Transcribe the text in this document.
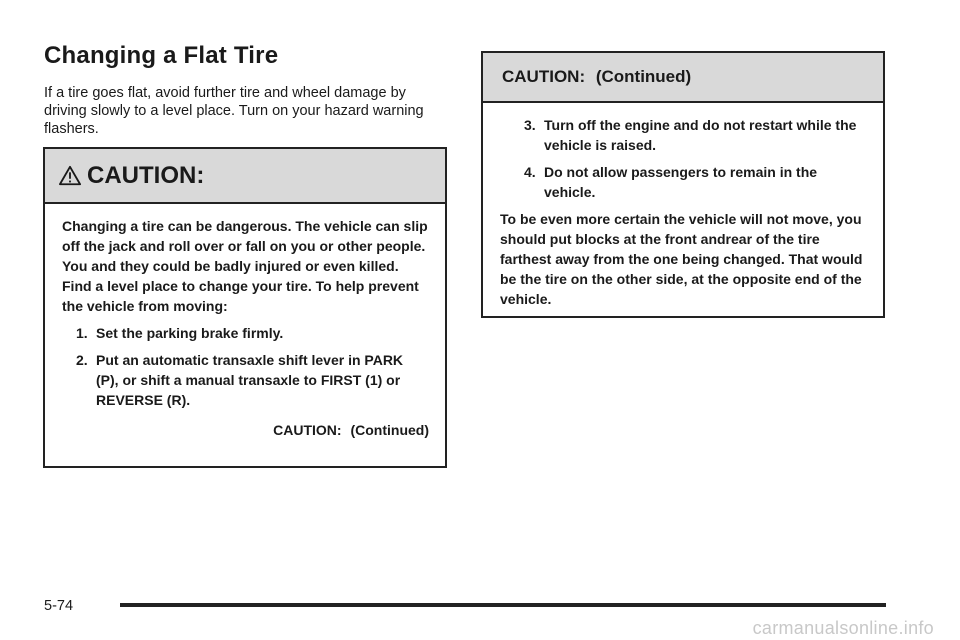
Changing a Flat Tire

If a tire goes flat, avoid further tire and wheel damage by driving slowly to a level place. Turn on your hazard warning flashers.

CAUTION:

Changing a tire can be dangerous. The vehicle can slip off the jack and roll over or fall on you or other people. You and they could be badly injured or even killed. Find a level place to change your tire. To help prevent the vehicle from moving:

1. Set the parking brake firmly.
2. Put an automatic transaxle shift lever in PARK (P), or shift a manual transaxle to FIRST (1) or REVERSE (R).
CAUTION: (Continued)
CAUTION: (Continued)
3. Turn off the engine and do not restart while the vehicle is raised.
4. Do not allow passengers to remain in the vehicle.

To be even more certain the vehicle will not move, you should put blocks at the front andrear of the tire farthest away from the one being changed. That would be the tire on the other side, at the opposite end of the vehicle.

5-74
carmanualsonline.info
